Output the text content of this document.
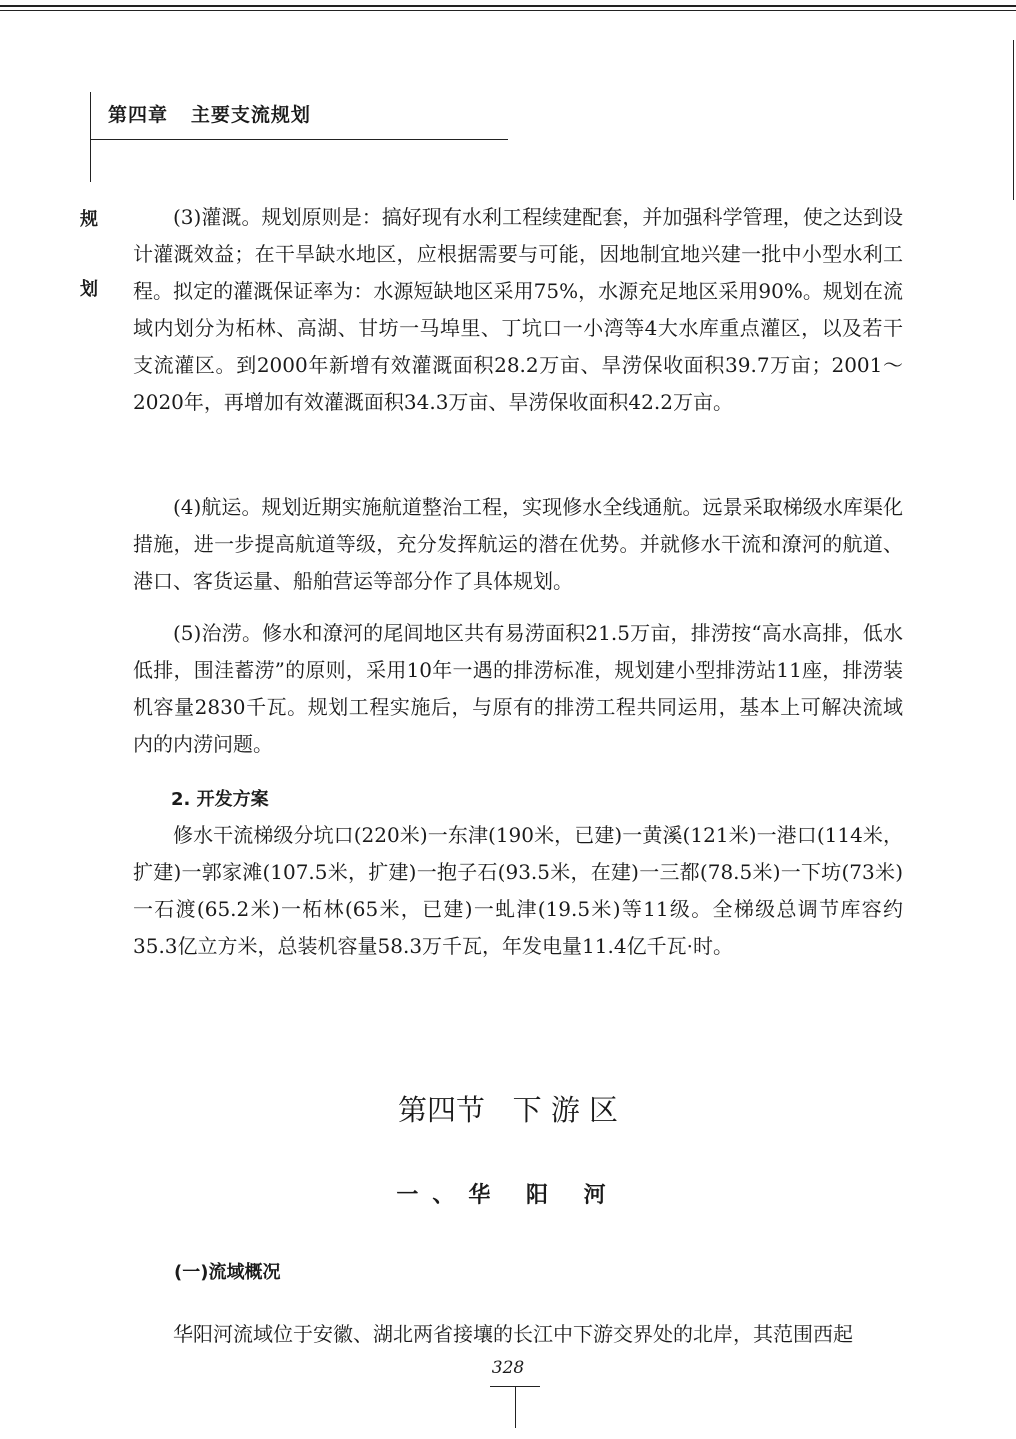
第四章   主要支流规划
规
划

(3)灌溉。规划原则是：搞好现有水利工程续建配套，并加强科学管理，使之达到设计灌溉效益；在干旱缺水地区，应根据需要与可能，因地制宜地兴建一批中小型水利工程。拟定的灌溉保证率为：水源短缺地区采用75%，水源充足地区采用90%。规划在流域内划分为柘林、高湖、甘坊一马埠里、丁坑口一小湾等4大水库重点灌区，以及若干支流灌区。到2000年新增有效灌溉面积28.2万亩、旱涝保收面积39.7万亩；2001～2020年，再增加有效灌溉面积34.3万亩、旱涝保收面积42.2万亩。

(4)航运。规划近期实施航道整治工程，实现修水全线通航。远景采取梯级水库渠化措施，进一步提高航道等级，充分发挥航运的潜在优势。并就修水干流和潦河的航道、港口、客货运量、船舶营运等部分作了具体规划。

(5)治涝。修水和潦河的尾闾地区共有易涝面积21.5万亩，排涝按“高水高排，低水低排，围洼蓄涝”的原则，采用10年一遇的排涝标准，规划建小型排涝站11座，排涝装机容量2830千瓦。规划工程实施后，与原有的排涝工程共同运用，基本上可解决流域内的内涝问题。

2. 开发方案

修水干流梯级分坑口(220米)一东津(190米，已建)一黄溪(121米)一港口(114米，扩建)一郭家滩(107.5米，扩建)一抱子石(93.5米，在建)一三都(78.5米)一下坊(73米)一石渡(65.2米)一柘林(65米，已建)一虬津(19.5米)等11级。全梯级总调节库容约35.3亿立方米，总装机容量58.3万千瓦，年发电量11.4亿千瓦·时。

第四节   下 游 区
一、华 阳 河
(一)流域概况

华阳河流域位于安徽、湖北两省接壤的长江中下游交界处的北岸，其范围西起

328
